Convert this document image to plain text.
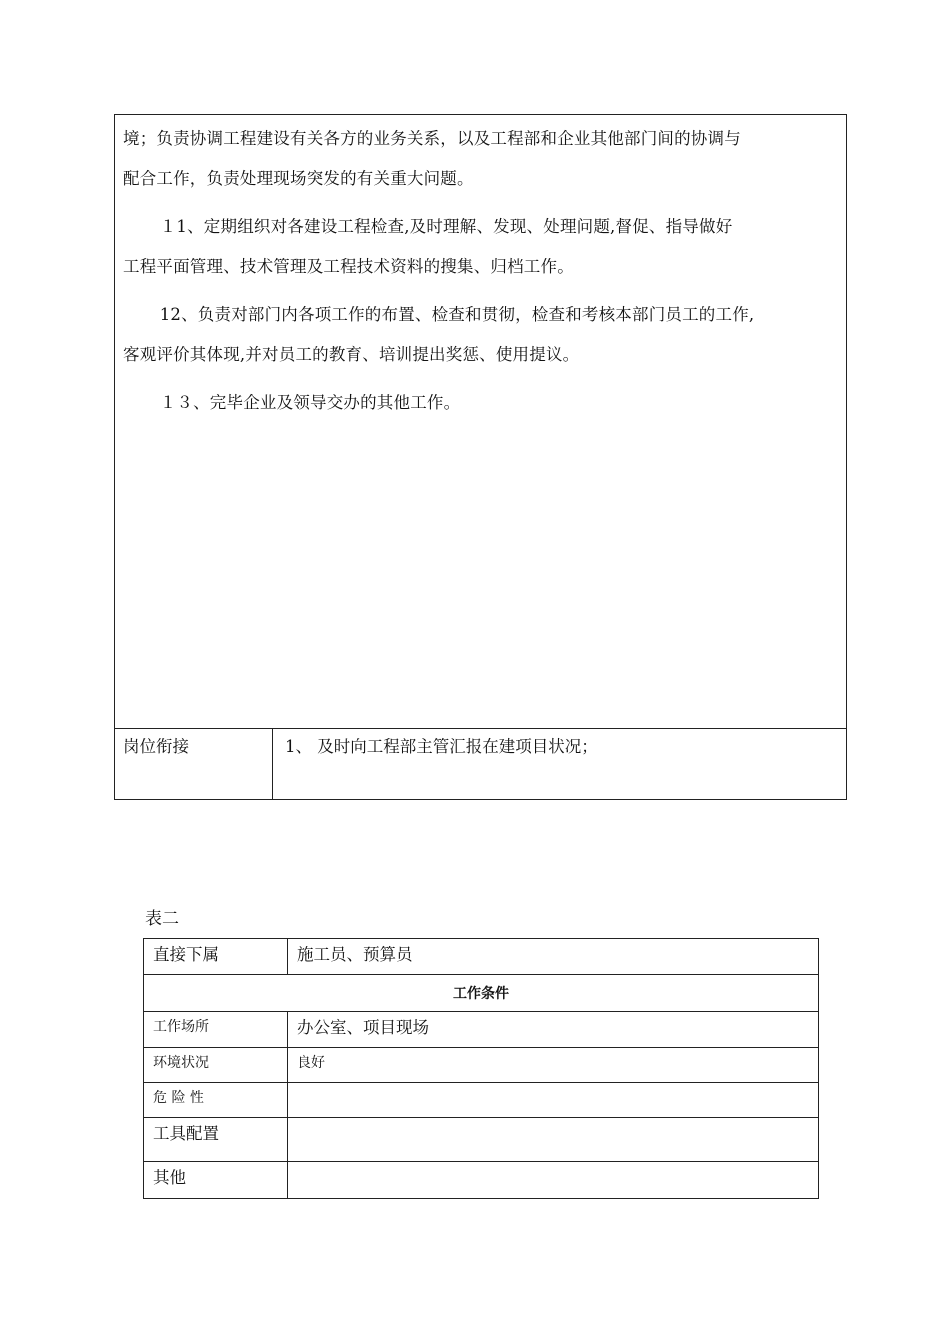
境；负责协调工程建设有关各方的业务关系，以及工程部和企业其他部门间的协调与
配合工作，负责处理现场突发的有关重大问题。
　１1、定期组织对各建设工程检查,及时理解、发现、处理问题,督促、指导做好
工程平面管理、技术管理及工程技术资料的搜集、归档工作。
　12、负责对部门内各项工作的布置、检查和贯彻，检查和考核本部门员工的工作,
客观评价其体现,并对员工的教育、培训提出奖惩、使用提议。
　１３、完毕企业及领导交办的其他工作。
岗位衔接	1、 及时向工程部主管汇报在建项目状况；
表二
直接下属	施工员、预算员
工作条件	
工作场所	办公室、项目现场
环境状况	良好
危 险 性	
工具配置	
其他	
